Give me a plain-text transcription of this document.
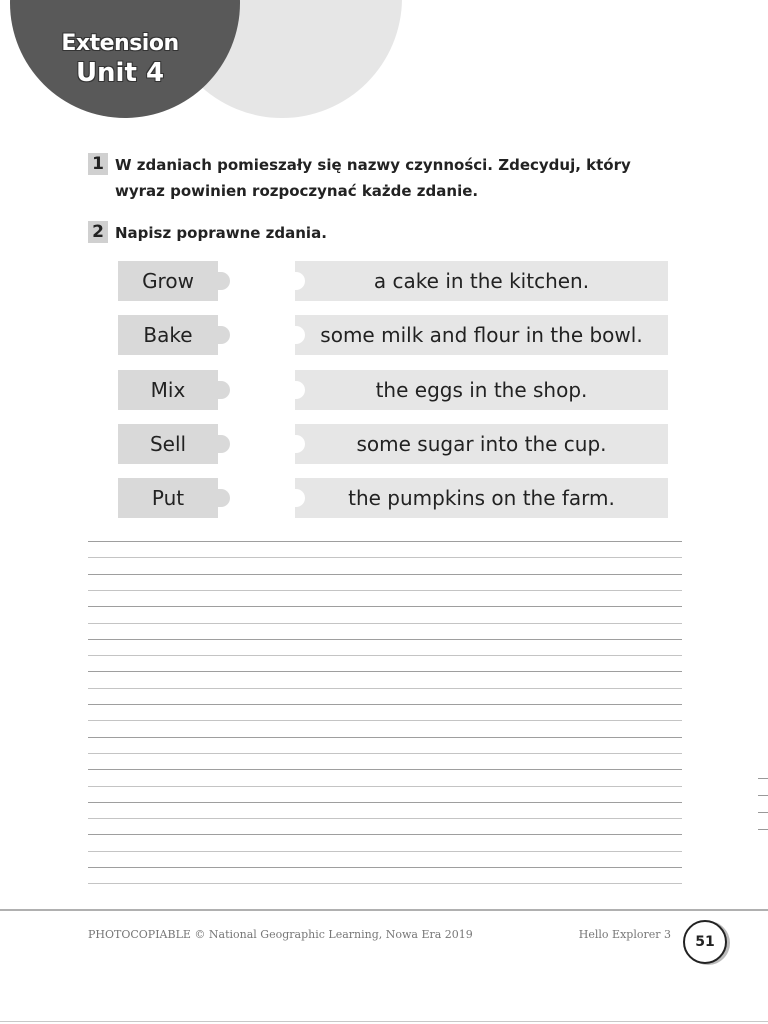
Extension
Unit 4
1 W zdaniach pomieszały się nazwy czynności. Zdecyduj, który wyraz powinien rozpoczynać każde zdanie.
2 Napisz poprawne zdania.
Grow	a cake in the kitchen.
Bake	some milk and flour in the bowl.
Mix	the eggs in the shop.
Sell	some sugar into the cup.
Put	the pumpkins on the farm.
PHOTOCOPIABLE © National Geographic Learning, Nowa Era 2019	Hello Explorer 3	51
